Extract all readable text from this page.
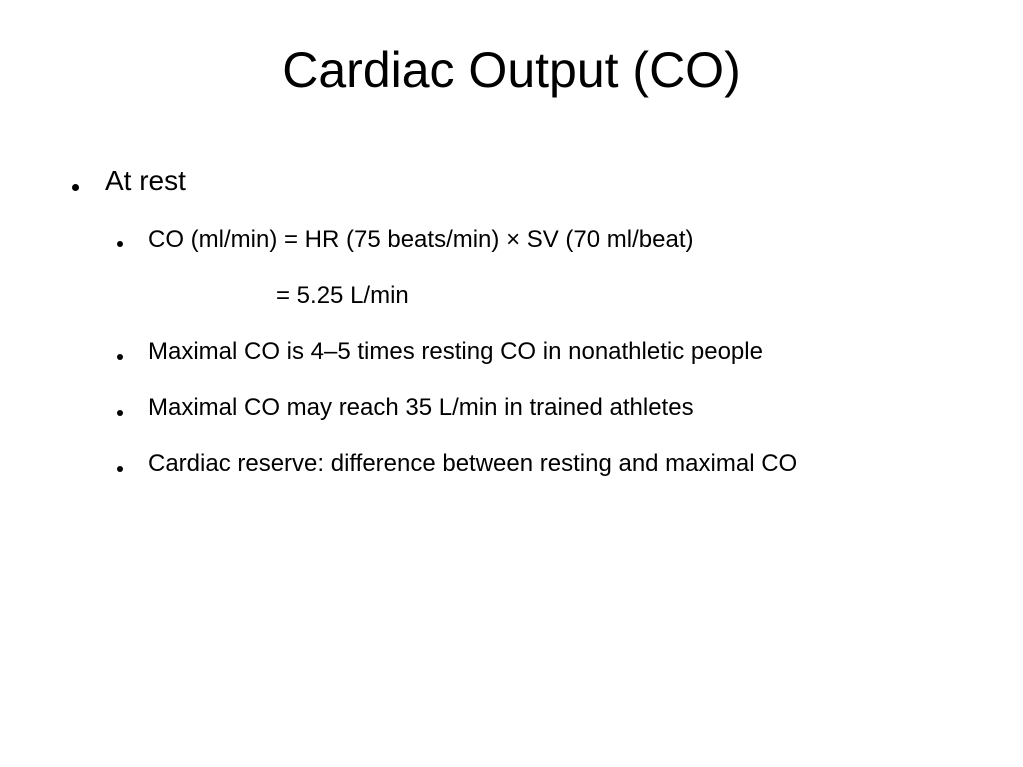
Cardiac Output (CO)
At rest
CO (ml/min) = HR (75 beats/min) × SV (70 ml/beat)
= 5.25 L/min
Maximal CO is 4–5 times resting CO in nonathletic people
Maximal CO may reach 35 L/min in trained athletes
Cardiac reserve: difference between resting and maximal CO
